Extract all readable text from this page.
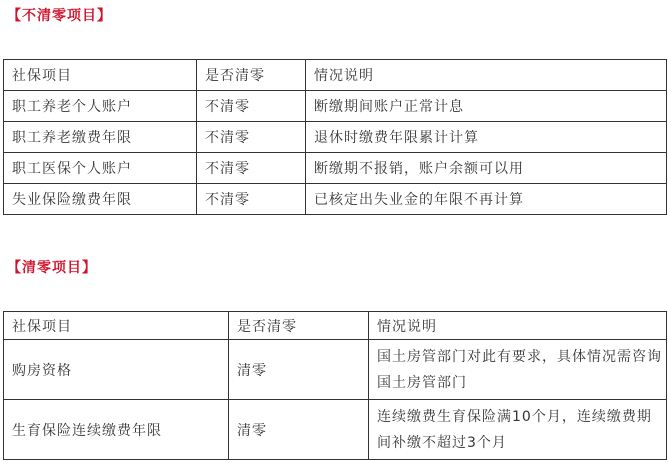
【不清零项目】
社保项目	是否清零	情况说明
职工养老个人账户	不清零	断缴期间账户正常计息
职工养老缴费年限	不清零	退休时缴费年限累计计算
职工医保个人账户	不清零	断缴期不报销，账户余额可以用
失业保险缴费年限	不清零	已核定出失业金的年限不再计算
【清零项目】
社保项目	是否清零	情况说明
购房资格	清零	国土房管部门对此有要求，具体情况需咨询国土房管部门
生育保险连续缴费年限	清零	连续缴费生育保险满10个月，连续缴费期间补缴不超过3个月
